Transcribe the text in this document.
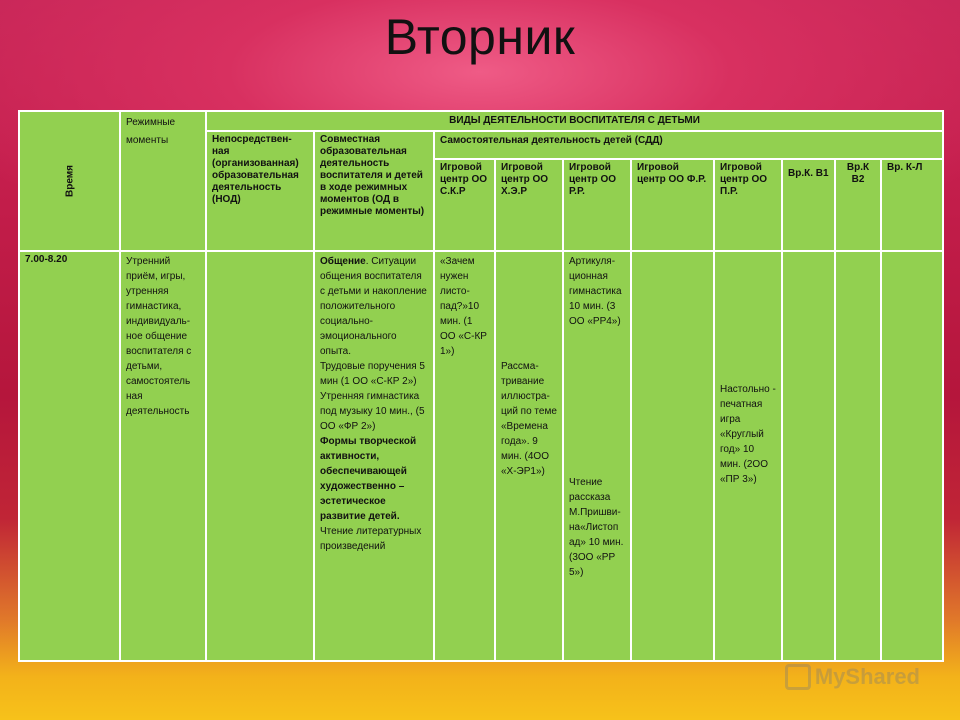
Вторник
Время	Режимные моменты	ВИДЫ ДЕЯТЕЛЬНОСТИ ВОСПИТАТЕЛЯ С ДЕТЬМИ									
		Непосредствен-ная (организованная) образовательная деятельность (НОД)	Совместная образовательная деятельность воспитателя и детей в ходе режимных моментов (ОД в режимные моменты)	Самостоятельная деятельность детей (СДД)							
				Игровой центр ОО С.К.Р	Игровой центр ОО Х.Э.Р	Игровой центр ОО Р.Р.	Игровой центр ОО Ф.Р.	Игровой центр ОО П.Р.	Вр.К. В1	Вр.К В2	Вр. К-Л
7.00-8.20	Утренний приём, игры, утренняя гимнастика, индивидуаль-ное общение воспитателя с детьми, самостоятель ная деятельность		Общение. Ситуации общения воспитателя с детьми и накопление положительного социально-эмоционального опыта.
Трудовые поручения 5 мин (1 ОО «С-КР 2»)
Утренняя гимнастика под музыку 10 мин., (5 ОО «ФР 2»)
Формы творческой активности, обеспечивающей художественно – эстетическое развитие детей.
Чтение литературных произведений	«Зачем нужен листо-пад?»10 мин. (1 ОО «С-КР 1»)	Рассма-тривание иллюстра-ций по теме «Времена года». 9 мин. (4ОО «Х-ЭР1»)	Артикуля-ционная гимнастика 10 мин. (3 ОО «РР4»)
Чтение рассказа М.Пришви-на«Листоп ад» 10 мин. (3ОО «РР 5»)		Настольно - печатная игра «Круглый год» 10 мин. (2ОО «ПР 3»)			
MyShared
